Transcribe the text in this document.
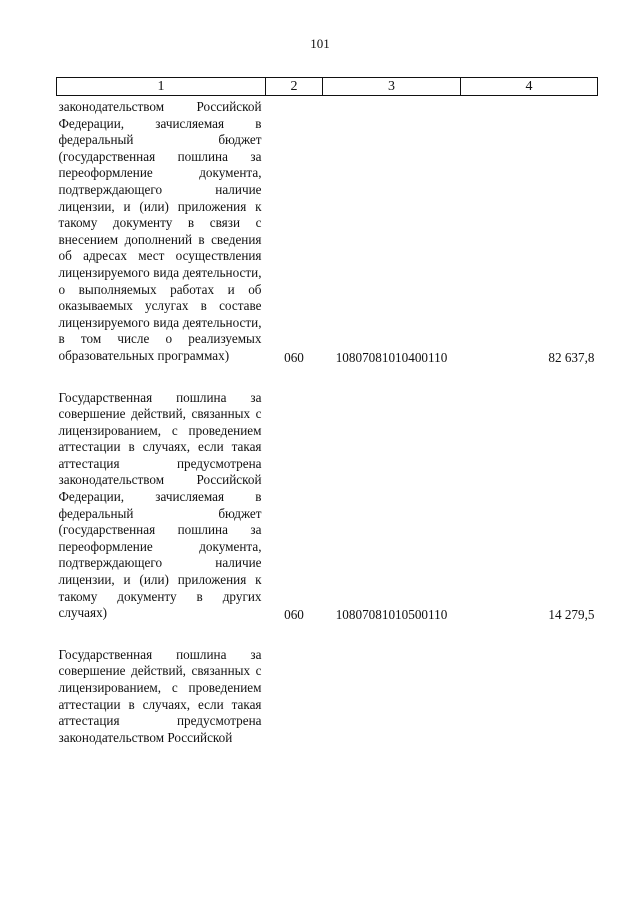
101
1	2	3	4

законодательством Российской Федерации, зачисляемая в федеральный бюджет (государственная пошлина за переоформление документа, подтверждающего наличие лицензии, и (или) приложения к такому документу в связи с внесением дополнений в сведения об адресах мест осуществления лицензируемого вида деятельности, о выполняемых работах и об оказываемых услугах в составе лицензируемого вида деятельности, в том числе о реализуемых образовательных программах)	060	10807081010400110	82 637,8

Государственная пошлина за совершение действий, связанных с лицензированием, с проведением аттестации в случаях, если такая аттестация предусмотрена законодательством Российской Федерации, зачисляемая в федеральный бюджет (государственная пошлина за переоформление документа, подтверждающего наличие лицензии, и (или) приложения к такому документу в других случаях)	060	10807081010500110	14 279,5

Государственная пошлина за совершение действий, связанных с лицензированием, с проведением аттестации в случаях, если такая аттестация предусмотрена законодательством Российской			
